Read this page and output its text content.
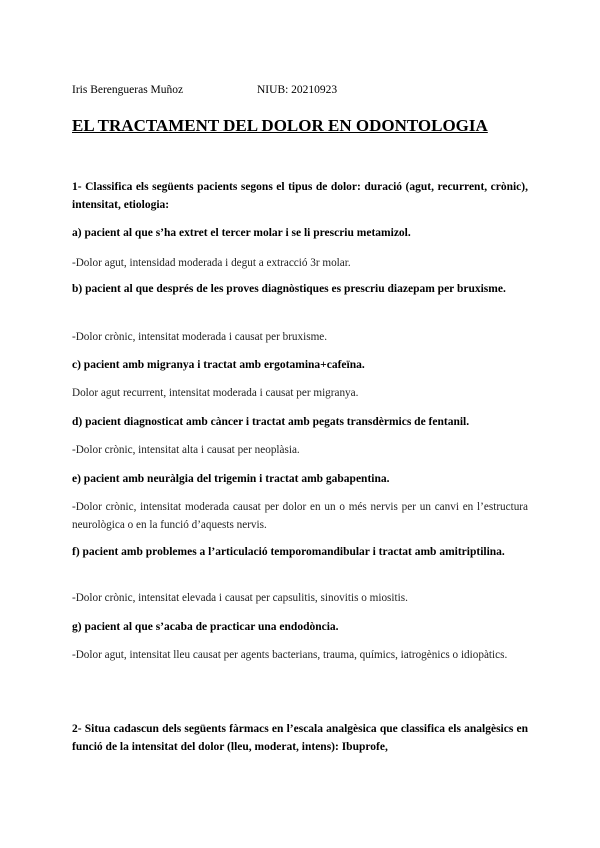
Iris Berengueras Muñoz	NIUB: 20210923
EL TRACTAMENT DEL DOLOR EN ODONTOLOGIA

1- Classifica els següents pacients segons el tipus de dolor: duració (agut, recurrent, crònic), intensitat, etiologia:

a) pacient al que s’ha extret el tercer molar i se li prescriu metamizol.

-Dolor agut, intensidad moderada i degut a extracció 3r molar.

b) pacient al que després de les proves diagnòstiques es prescriu diazepam per bruxisme.

-Dolor crònic, intensitat moderada i causat per bruxisme.

c) pacient amb migranya i tractat amb ergotamina+cafeïna.

Dolor agut recurrent, intensitat moderada i causat per migranya.

d) pacient diagnosticat amb càncer i tractat amb pegats transdèrmics de fentanil.

-Dolor crònic, intensitat alta i causat per neoplàsia.

e) pacient amb neuràlgia del trigemin i tractat amb gabapentina.

-Dolor crònic, intensitat moderada causat per dolor en un o més nervis per un canvi en l’estructura neurològica o en la funció d’aquests nervis.

f) pacient amb problemes a l’articulació temporomandibular i tractat amb amitriptilina.

-Dolor crònic, intensitat elevada i causat per capsulitis, sinovitis o miositis.

g) pacient al que s’acaba de practicar una endodòncia.

-Dolor agut, intensitat lleu causat per agents bacterians, trauma, químics, iatrogènics o idiopàtics.

2- Situa cadascun dels següents fàrmacs en l’escala analgèsica que classifica els analgèsics en funció de la intensitat del dolor (lleu, moderat, intens): Ibuprofe,
